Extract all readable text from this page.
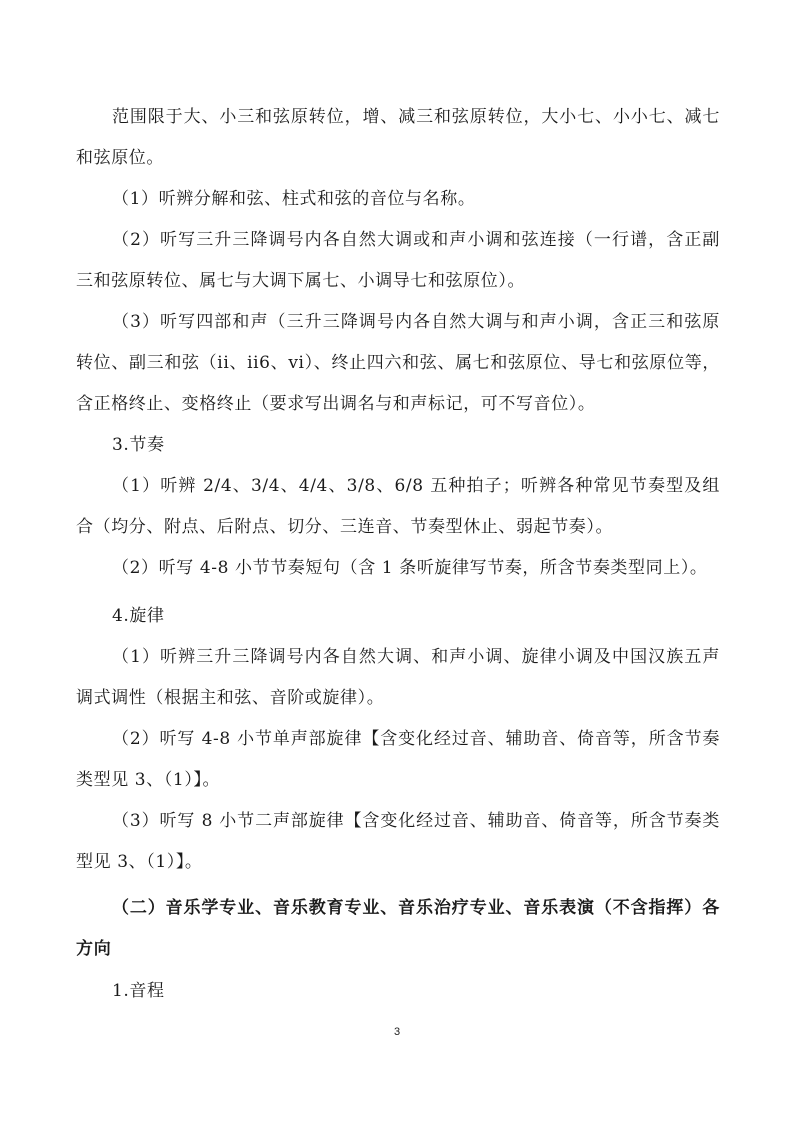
范围限于大、小三和弦原转位，增、减三和弦原转位，大小七、小小七、减七和弦原位。

（1）听辨分解和弦、柱式和弦的音位与名称。

（2）听写三升三降调号内各自然大调或和声小调和弦连接（一行谱，含正副三和弦原转位、属七与大调下属七、小调导七和弦原位）。

（3）听写四部和声（三升三降调号内各自然大调与和声小调，含正三和弦原转位、副三和弦（ii、ii6、vi）、终止四六和弦、属七和弦原位、导七和弦原位等，含正格终止、变格终止（要求写出调名与和声标记，可不写音位）。

3.节奏

（1）听辨 2/4、3/4、4/4、3/8、6/8 五种拍子；听辨各种常见节奏型及组合（均分、附点、后附点、切分、三连音、节奏型休止、弱起节奏）。

（2）听写 4-8 小节节奏短句（含 1 条听旋律写节奏，所含节奏类型同上）。

4.旋律

（1）听辨三升三降调号内各自然大调、和声小调、旋律小调及中国汉族五声调式调性（根据主和弦、音阶或旋律）。

（2）听写 4-8 小节单声部旋律【含变化经过音、辅助音、倚音等，所含节奏类型见 3、（1）】。

（3）听写 8 小节二声部旋律【含变化经过音、辅助音、倚音等，所含节奏类型见 3、（1）】。

（二）音乐学专业、音乐教育专业、音乐治疗专业、音乐表演（不含指挥）各方向

1.音程

3
